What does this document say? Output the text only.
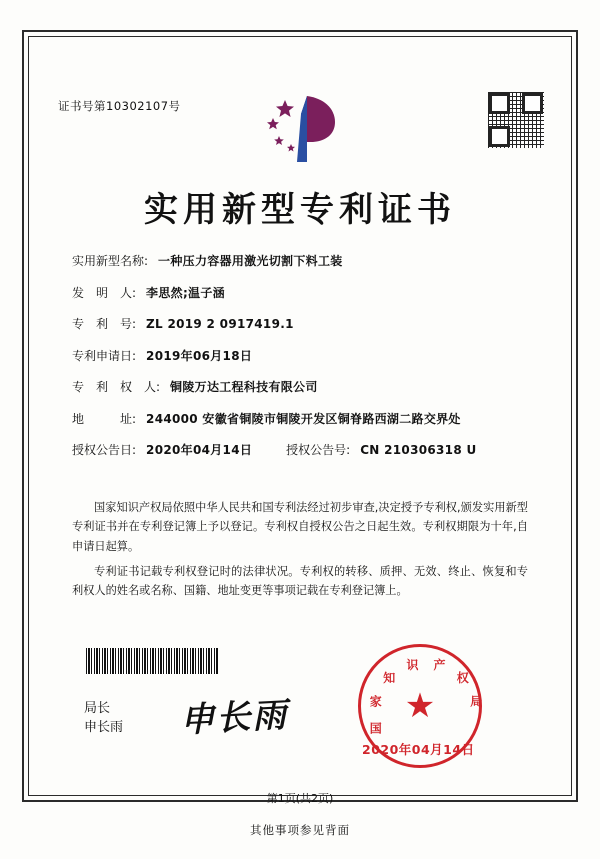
证书号第10302107号
实用新型专利证书
实用新型名称: 一种压力容器用激光切割下料工装
发　明　人: 李思然;温子涵
专　利　号: ZL 2019 2 0917419.1
专利申请日: 2019年06月18日
专　利　权　人: 铜陵万达工程科技有限公司
地　　　址: 244000 安徽省铜陵市铜陵开发区铜脊路西湖二路交界处
授权公告日: 2020年04月14日	授权公告号: CN 210306318 U

国家知识产权局依照中华人民共和国专利法经过初步审查,决定授予专利权,颁发实用新型专利证书并在专利登记簿上予以登记。专利权自授权公告之日起生效。专利权期限为十年,自申请日起算。

专利证书记载专利权登记时的法律状况。专利权的转移、质押、无效、终止、恢复和专利权人的姓名或名称、国籍、地址变更等事项记载在专利登记簿上。

局长
申长雨 申长雨	★
国
家
知
识 产
权
局
2020年04月14日
第1页(共2页)
其他事项参见背面
